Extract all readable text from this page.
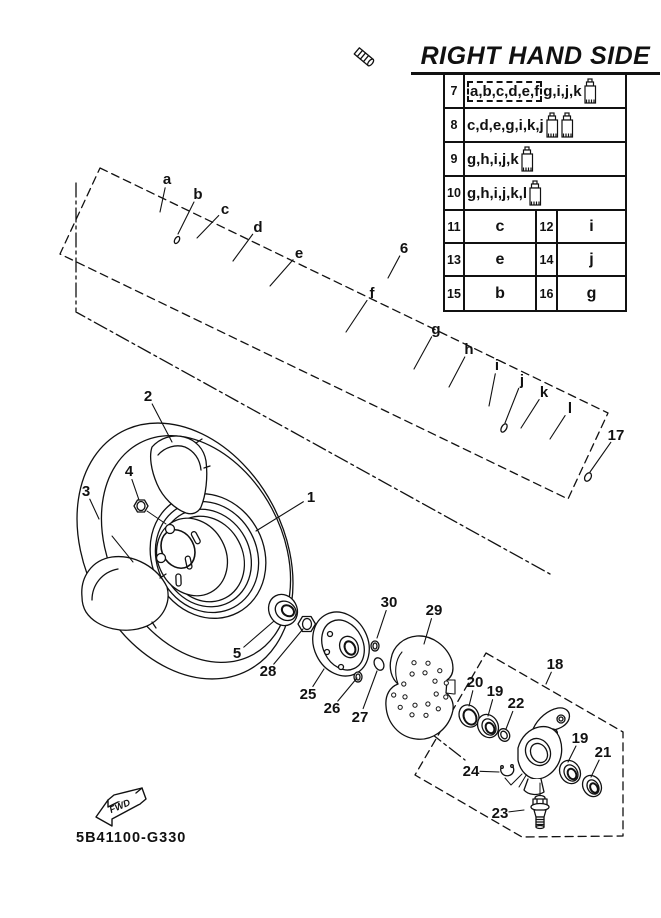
FWD
a
b
c
d
e
f
g
h
i
j
k
l
6
17
1
2
3
4
5
25
26
27
28
29
30
18
20
19
22
19
21
24
23
RIGHT HAND SIDE
7 a,b,c,d,e,f g,i,j,k
8 c,d,e,g,i,k,j
9 g,h,i,j,k
10 g,h,i,j,k,l
11	c	12	i
13	e	14	j
15	b	16	g
5B41100-G330
